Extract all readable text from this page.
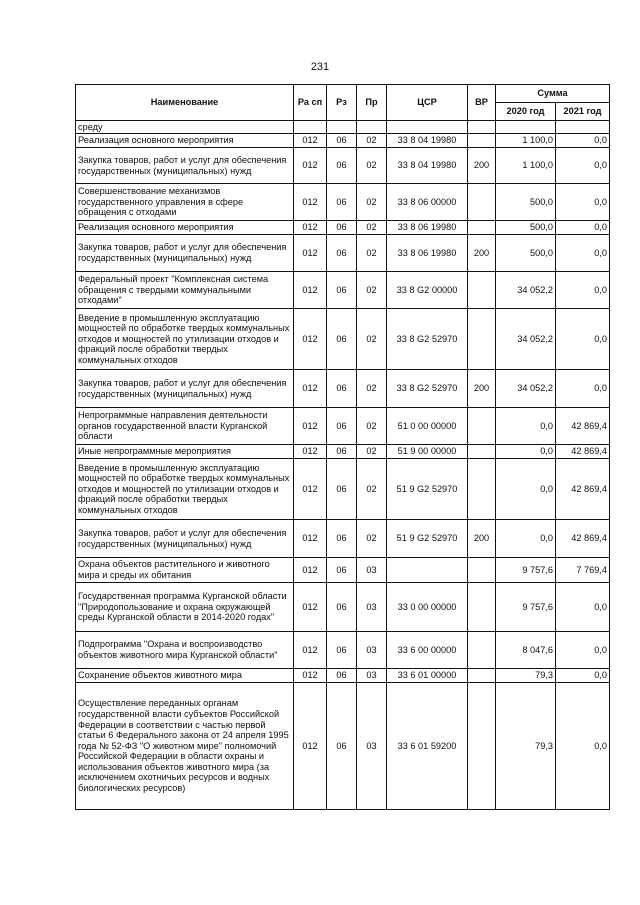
231
Наименование	Ра сп	Рз	Пр	ЦСР	ВР	Сумма	
						2020 год	2021 год
среду							
Реализация основного мероприятия	012	06	02	33 8 04 19980		1 100,0	0,0
Закупка товаров, работ и услуг для обеспечения государственных (муниципальных) нужд	012	06	02	33 8 04 19980	200	1 100,0	0,0
Совершенствование механизмов государственного управления в сфере обращения с отходами	012	06	02	33 8 06 00000		500,0	0,0
Реализация основного мероприятия	012	06	02	33 8 06 19980		500,0	0,0
Закупка товаров, работ и услуг для обеспечения государственных (муниципальных) нужд	012	06	02	33 8 06 19980	200	500,0	0,0
Федеральный проект "Комплексная система обращения с твердыми коммунальными отходами"	012	06	02	33 8 G2 00000		34 052,2	0,0
Введение в промышленную эксплуатацию мощностей по обработке твердых коммунальных отходов и мощностей по утилизации отходов и фракций после обработки твердых коммунальных отходов	012	06	02	33 8 G2 52970		34 052,2	0,0
Закупка товаров, работ и услуг для обеспечения государственных (муниципальных) нужд	012	06	02	33 8 G2 52970	200	34 052,2	0,0
Непрограммные направления деятельности органов государственной власти Курганской области	012	06	02	51 0 00 00000		0,0	42 869,4
Иные непрограммные мероприятия	012	06	02	51 9 00 00000		0,0	42 869,4
Введение в промышленную эксплуатацию мощностей по обработке твердых коммунальных отходов и мощностей по утилизации отходов и фракций после обработки твердых коммунальных отходов	012	06	02	51 9 G2 52970		0,0	42 869,4
Закупка товаров, работ и услуг для обеспечения государственных (муниципальных) нужд	012	06	02	51 9 G2 52970	200	0,0	42 869,4
Охрана объектов растительного и животного мира и среды их обитания	012	06	03			9 757,6	7 769,4
Государственная программа Курганской области "Природопользование и охрана окружающей среды Курганской области в 2014-2020 годах"	012	06	03	33 0 00 00000		9 757,6	0,0
Подпрограмма "Охрана и воспроизводство объектов животного мира Курганской области"	012	06	03	33 6 00 00000		8 047,6	0,0
Сохранение объектов животного мира	012	06	03	33 6 01 00000		79,3	0,0
Осуществление переданных органам государственной власти субъектов Российской Федерации в соответствии с частью первой статьи 6 Федерального закона от 24 апреля 1995 года № 52-ФЗ "О животном мире" полномочий Российской Федерации в области охраны и использования объектов животного мира (за исключением охотничьих ресурсов и водных биологических ресурсов)	012	06	03	33 6 01 59200		79,3	0,0
